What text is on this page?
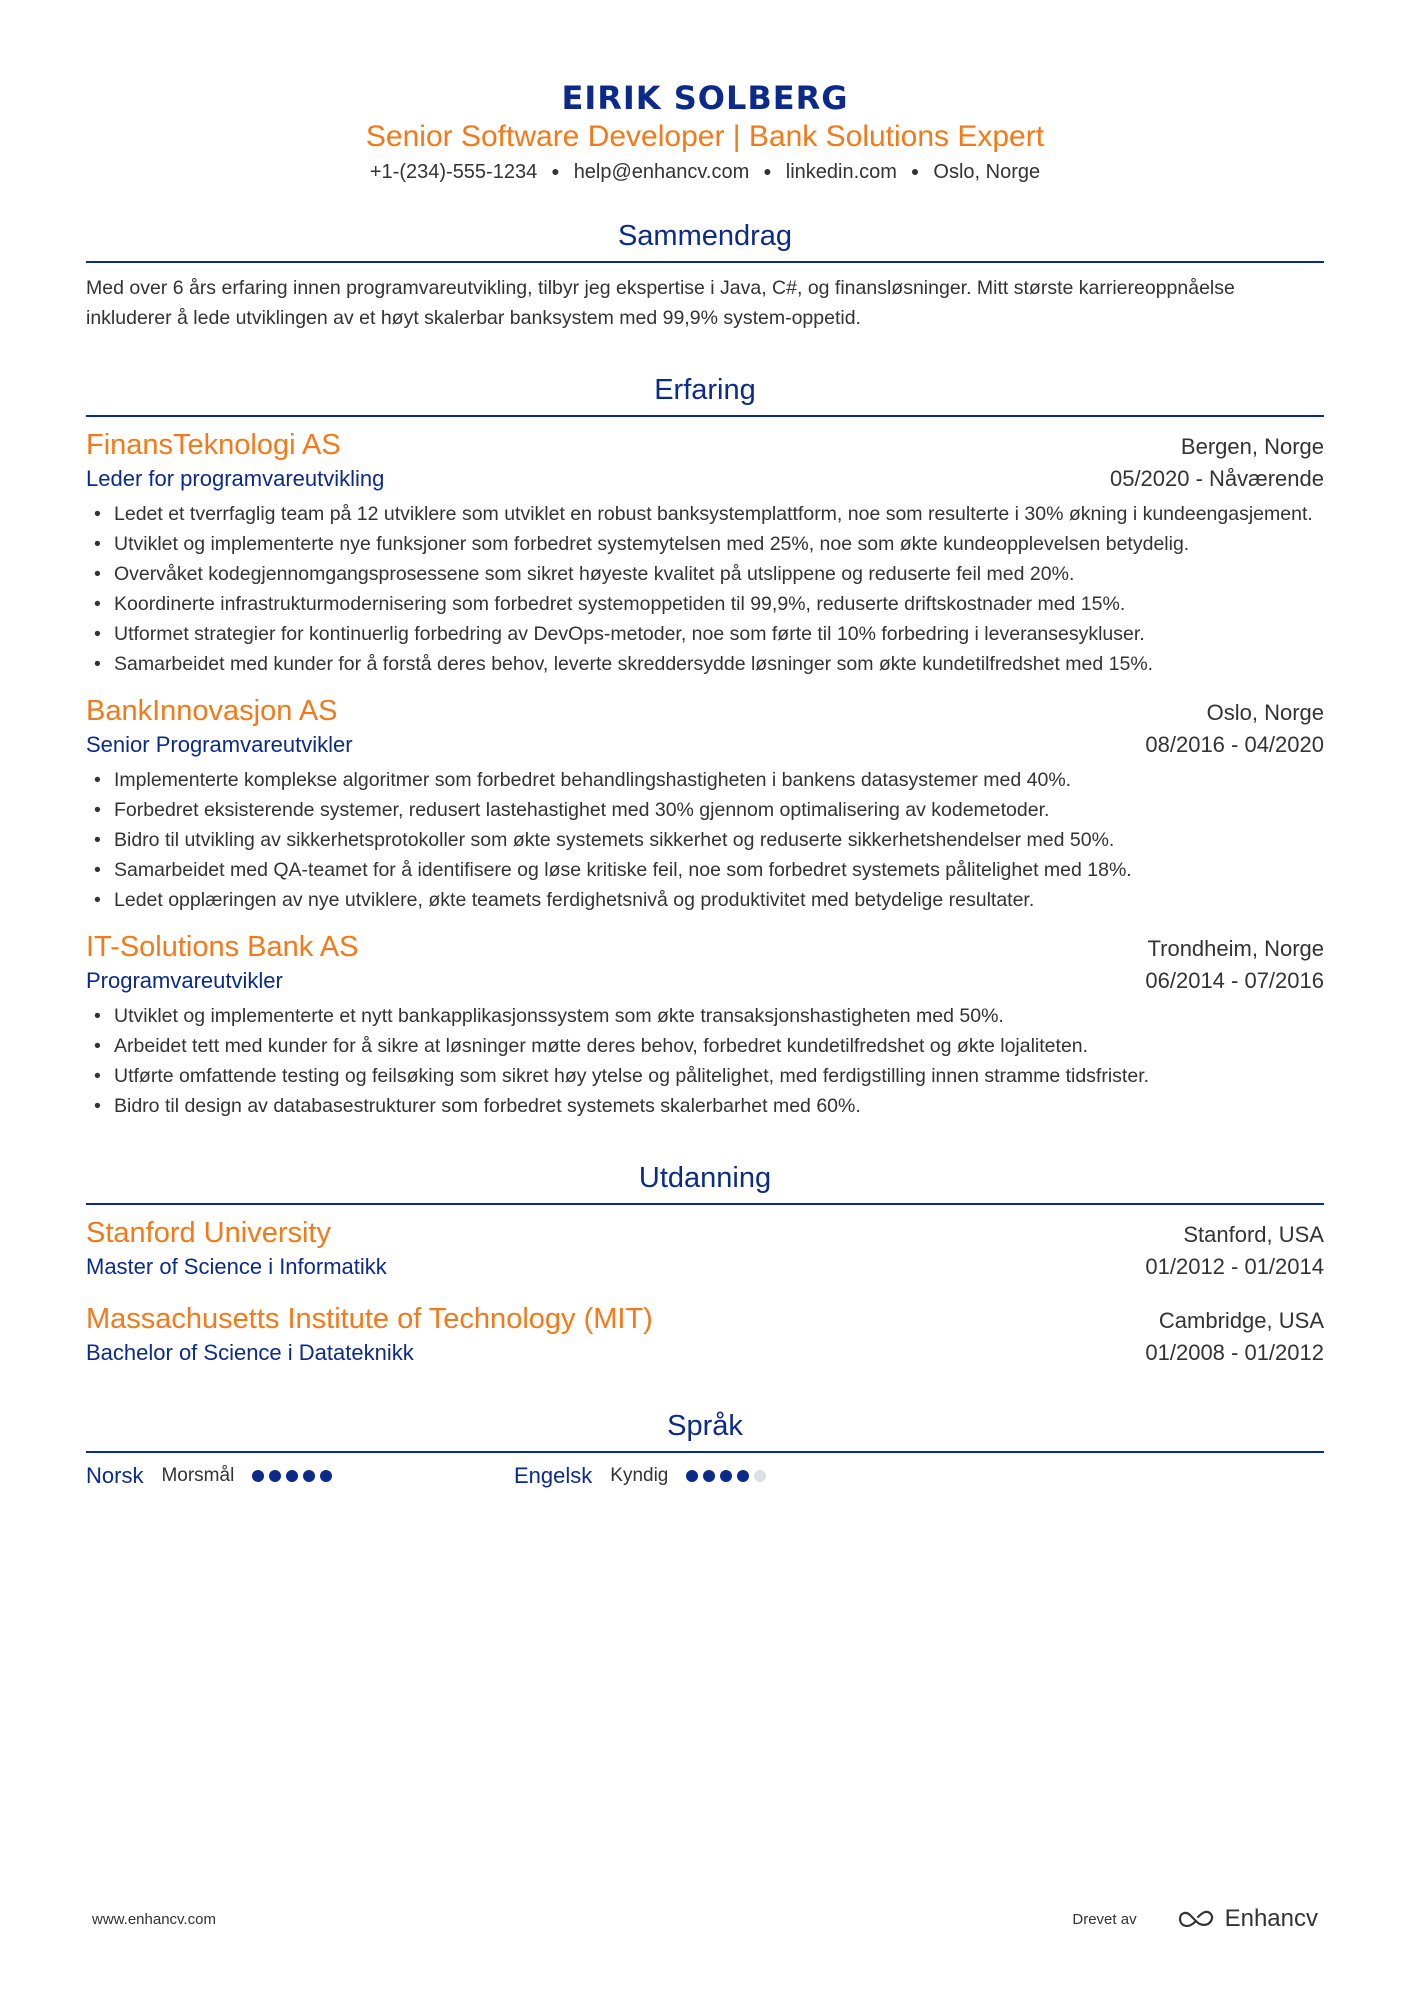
EIRIK SOLBERG
Senior Software Developer | Bank Solutions Expert
+1-(234)-555-1234 ● help@enhancv.com ● linkedin.com ● Oslo, Norge
Sammendrag
Med over 6 års erfaring innen programvareutvikling, tilbyr jeg ekspertise i Java, C#, og finansløsninger. Mitt største karriereoppnåelse inkluderer å lede utviklingen av et høyt skalerbar banksystem med 99,9% system-oppetid.
Erfaring
FinansTeknologi AS	Bergen, Norge
Leder for programvareutvikling	05/2020 - Nåværende
• Ledet et tverrfaglig team på 12 utviklere som utviklet en robust banksystemplattform, noe som resulterte i 30% økning i kundeengasjement.
• Utviklet og implementerte nye funksjoner som forbedret systemytelsen med 25%, noe som økte kundeopplevelsen betydelig.
• Overvåket kodegjennomgangsprosessene som sikret høyeste kvalitet på utslippene og reduserte feil med 20%.
• Koordinerte infrastrukturmodernisering som forbedret systemoppetiden til 99,9%, reduserte driftskostnader med 15%.
• Utformet strategier for kontinuerlig forbedring av DevOps-metoder, noe som førte til 10% forbedring i leveransesykluser.
• Samarbeidet med kunder for å forstå deres behov, leverte skreddersydde løsninger som økte kundetilfredshet med 15%.
BankInnovasjon AS	Oslo, Norge
Senior Programvareutvikler	08/2016 - 04/2020
• Implementerte komplekse algoritmer som forbedret behandlingshastigheten i bankens datasystemer med 40%.
• Forbedret eksisterende systemer, redusert lastehastighet med 30% gjennom optimalisering av kodemetoder.
• Bidro til utvikling av sikkerhetsprotokoller som økte systemets sikkerhet og reduserte sikkerhetshendelser med 50%.
• Samarbeidet med QA-teamet for å identifisere og løse kritiske feil, noe som forbedret systemets pålitelighet med 18%.
• Ledet opplæringen av nye utviklere, økte teamets ferdighetsnivå og produktivitet med betydelige resultater.
IT-Solutions Bank AS	Trondheim, Norge
Programvareutvikler	06/2014 - 07/2016
• Utviklet og implementerte et nytt bankapplikasjonssystem som økte transaksjonshastigheten med 50%.
• Arbeidet tett med kunder for å sikre at løsninger møtte deres behov, forbedret kundetilfredshet og økte lojaliteten.
• Utførte omfattende testing og feilsøking som sikret høy ytelse og pålitelighet, med ferdigstilling innen stramme tidsfrister.
• Bidro til design av databasestrukturer som forbedret systemets skalerbarhet med 60%.
Utdanning
Stanford University	Stanford, USA
Master of Science i Informatikk	01/2012 - 01/2014
Massachusetts Institute of Technology (MIT)	Cambridge, USA
Bachelor of Science i Datateknikk	01/2008 - 01/2012
Språk
Norsk Morsmål	Engelsk Kyndig
www.enhancv.com	Drevet av	Enhancv
